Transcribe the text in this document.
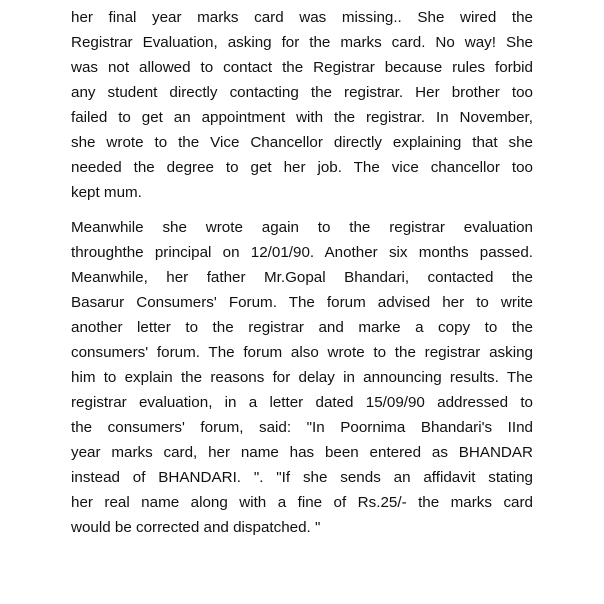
her final year marks card was missing.. She wired the
Registrar Evaluation, asking for the marks card. No way! She
was not allowed to contact the Registrar because rules forbid
any student directly contacting the registrar. Her brother too
failed to get an appointment with the registrar. In November,
she wrote to the Vice Chancellor directly explaining that she
needed the degree to get her job. The vice chancellor too
kept mum.
Meanwhile she wrote again to the registrar evaluation
throughthe principal on 12/01/90. Another six months passed.
Meanwhile, her father Mr.Gopal Bhandari, contacted the
Basarur Consumers' Forum. The forum advised her to write
another letter to the registrar and marke a copy to the
consumers' forum. The forum also wrote to the registrar asking
him to explain the reasons for delay in announcing results. The
registrar evaluation, in a letter dated 15/09/90 addressed to
the consumers' forum, said: "In Poornima Bhandari's IInd
year marks card, her name has been entered as BHANDAR
instead of BHANDARI. ". "If she sends an affidavit stating
her real name along with a fine of Rs.25/- the marks card
would be corrected and dispatched. "
